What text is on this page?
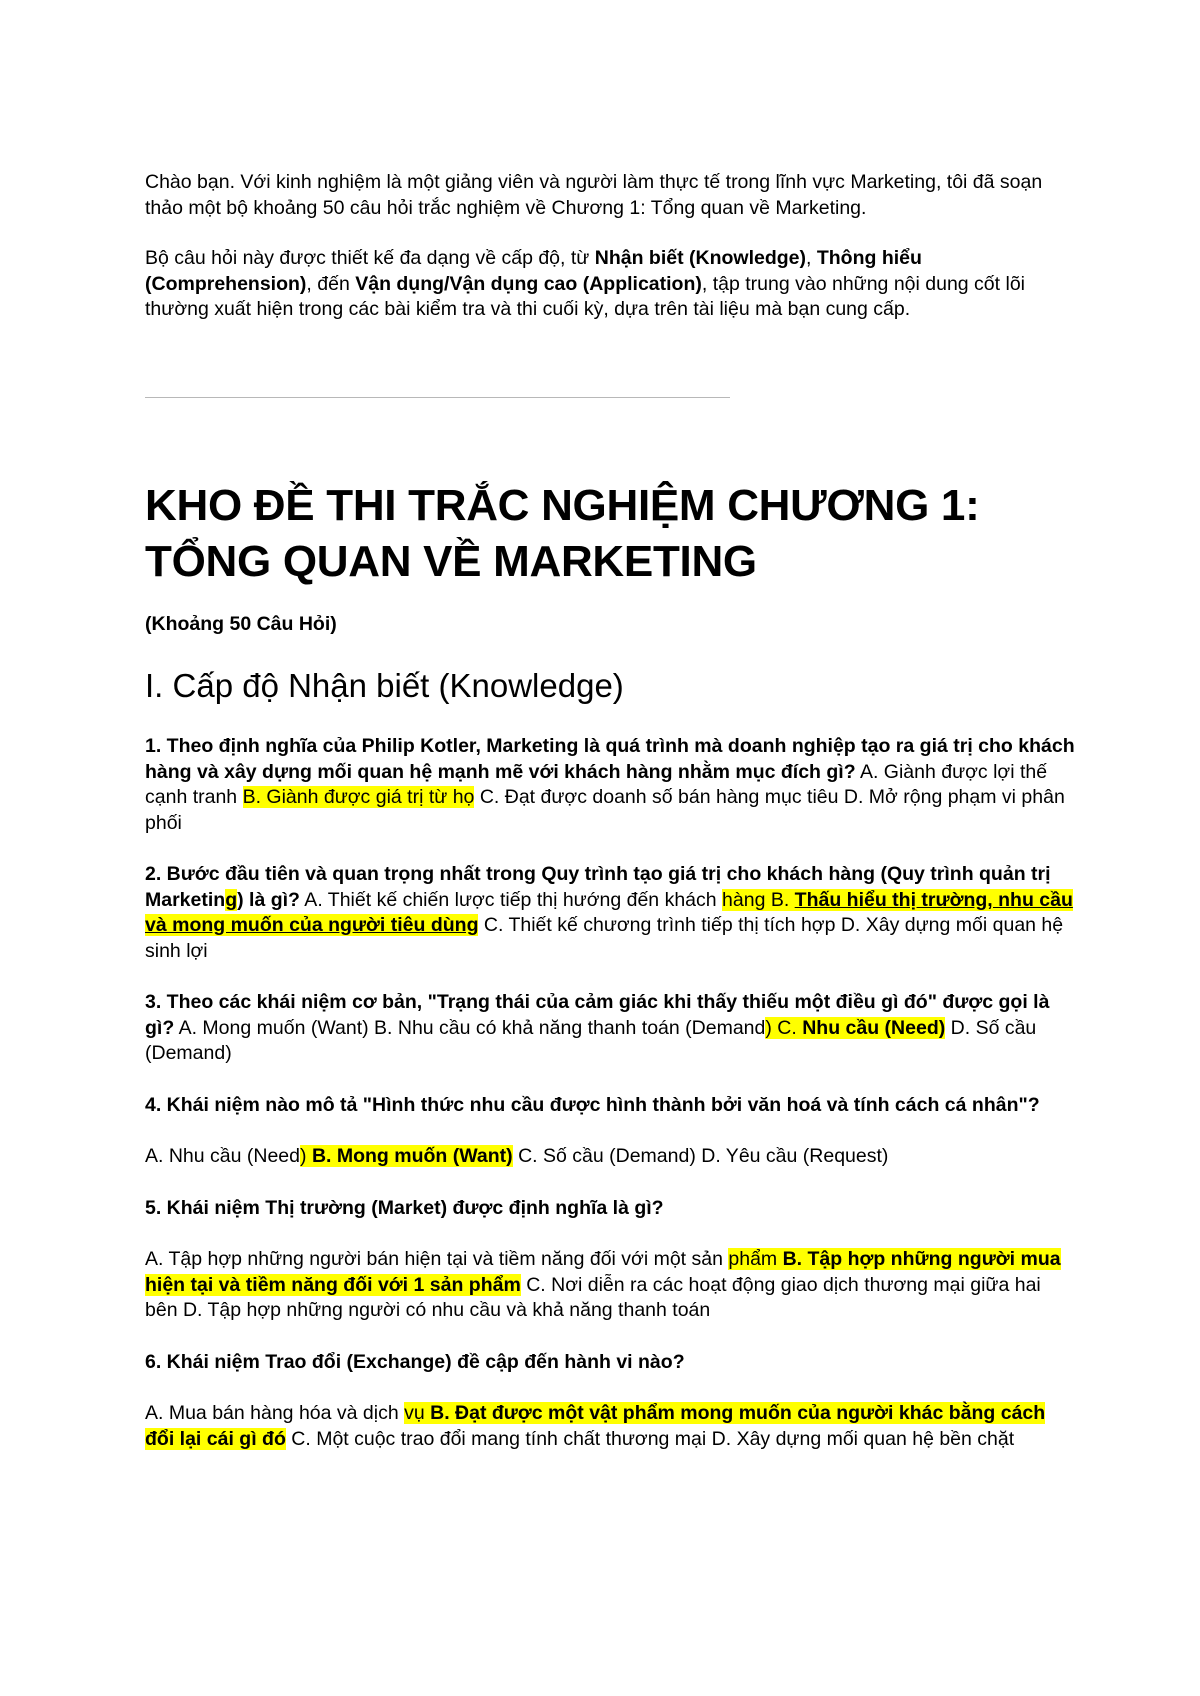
Chào bạn. Với kinh nghiệm là một giảng viên và người làm thực tế trong lĩnh vực Marketing, tôi đã soạn thảo một bộ khoảng 50 câu hỏi trắc nghiệm về Chương 1: Tổng quan về Marketing.

Bộ câu hỏi này được thiết kế đa dạng về cấp độ, từ Nhận biết (Knowledge), Thông hiểu (Comprehension), đến Vận dụng/Vận dụng cao (Application), tập trung vào những nội dung cốt lõi thường xuất hiện trong các bài kiểm tra và thi cuối kỳ, dựa trên tài liệu mà bạn cung cấp.

KHO ĐỀ THI TRẮC NGHIỆM CHƯƠNG 1:
TỔNG QUAN VỀ MARKETING
(Khoảng 50 Câu Hỏi)
I. Cấp độ Nhận biết (Knowledge)

1. Theo định nghĩa của Philip Kotler, Marketing là quá trình mà doanh nghiệp tạo ra giá trị cho khách hàng và xây dựng mối quan hệ mạnh mẽ với khách hàng nhằm mục đích gì? A. Giành được lợi thế cạnh tranh B. Giành được giá trị từ họ C. Đạt được doanh số bán hàng mục tiêu D. Mở rộng phạm vi phân phối

2. Bước đầu tiên và quan trọng nhất trong Quy trình tạo giá trị cho khách hàng (Quy trình quản trị Marketing) là gì? A. Thiết kế chiến lược tiếp thị hướng đến khách hàng B. Thấu hiểu thị trường, nhu cầu và mong muốn của người tiêu dùng C. Thiết kế chương trình tiếp thị tích hợp D. Xây dựng mối quan hệ sinh lợi

3. Theo các khái niệm cơ bản, "Trạng thái của cảm giác khi thấy thiếu một điều gì đó" được gọi là gì? A. Mong muốn (Want) B. Nhu cầu có khả năng thanh toán (Demand) C. Nhu cầu (Need) D. Số cầu (Demand)

4. Khái niệm nào mô tả "Hình thức nhu cầu được hình thành bởi văn hoá và tính cách cá nhân"?

A. Nhu cầu (Need) B. Mong muốn (Want) C. Số cầu (Demand) D. Yêu cầu (Request)

5. Khái niệm Thị trường (Market) được định nghĩa là gì?

A. Tập hợp những người bán hiện tại và tiềm năng đối với một sản phẩm B. Tập hợp những người mua hiện tại và tiềm năng đối với 1 sản phẩm C. Nơi diễn ra các hoạt động giao dịch thương mại giữa hai bên D. Tập hợp những người có nhu cầu và khả năng thanh toán

6. Khái niệm Trao đổi (Exchange) đề cập đến hành vi nào?

A. Mua bán hàng hóa và dịch vụ B. Đạt được một vật phẩm mong muốn của người khác bằng cách đổi lại cái gì đó C. Một cuộc trao đổi mang tính chất thương mại D. Xây dựng mối quan hệ bền chặt
